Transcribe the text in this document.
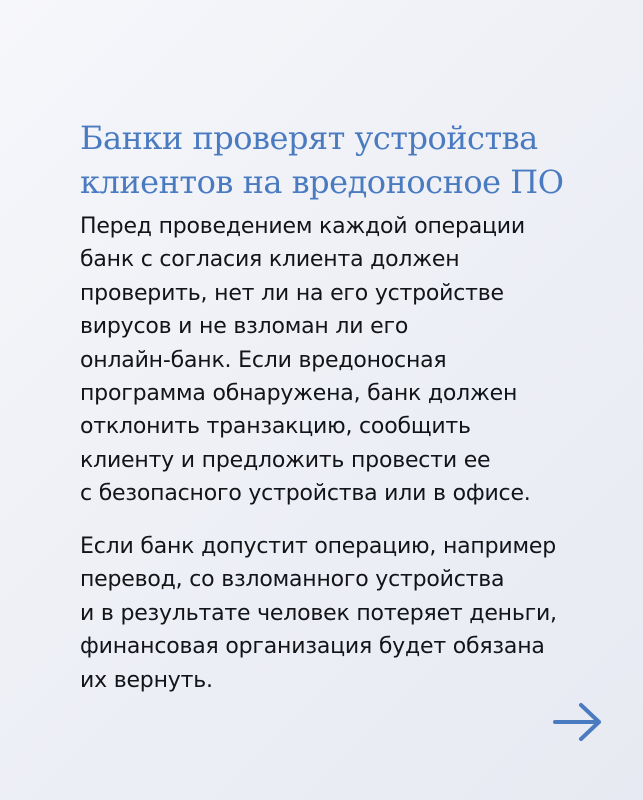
Банки проверят устройства
клиентов на вредоносное ПО

Перед проведением каждой операции
банк с согласия клиента должен
проверить, нет ли на его устройстве
вирусов и не взломан ли его
онлайн-банк. Если вредоносная
программа обнаружена, банк должен
отклонить транзакцию, сообщить
клиенту и предложить провести ее
с безопасного устройства или в офисе.

Если банк допустит операцию, например
перевод, со взломанного устройства
и в результате человек потеряет деньги,
финансовая организация будет обязана
их вернуть.
